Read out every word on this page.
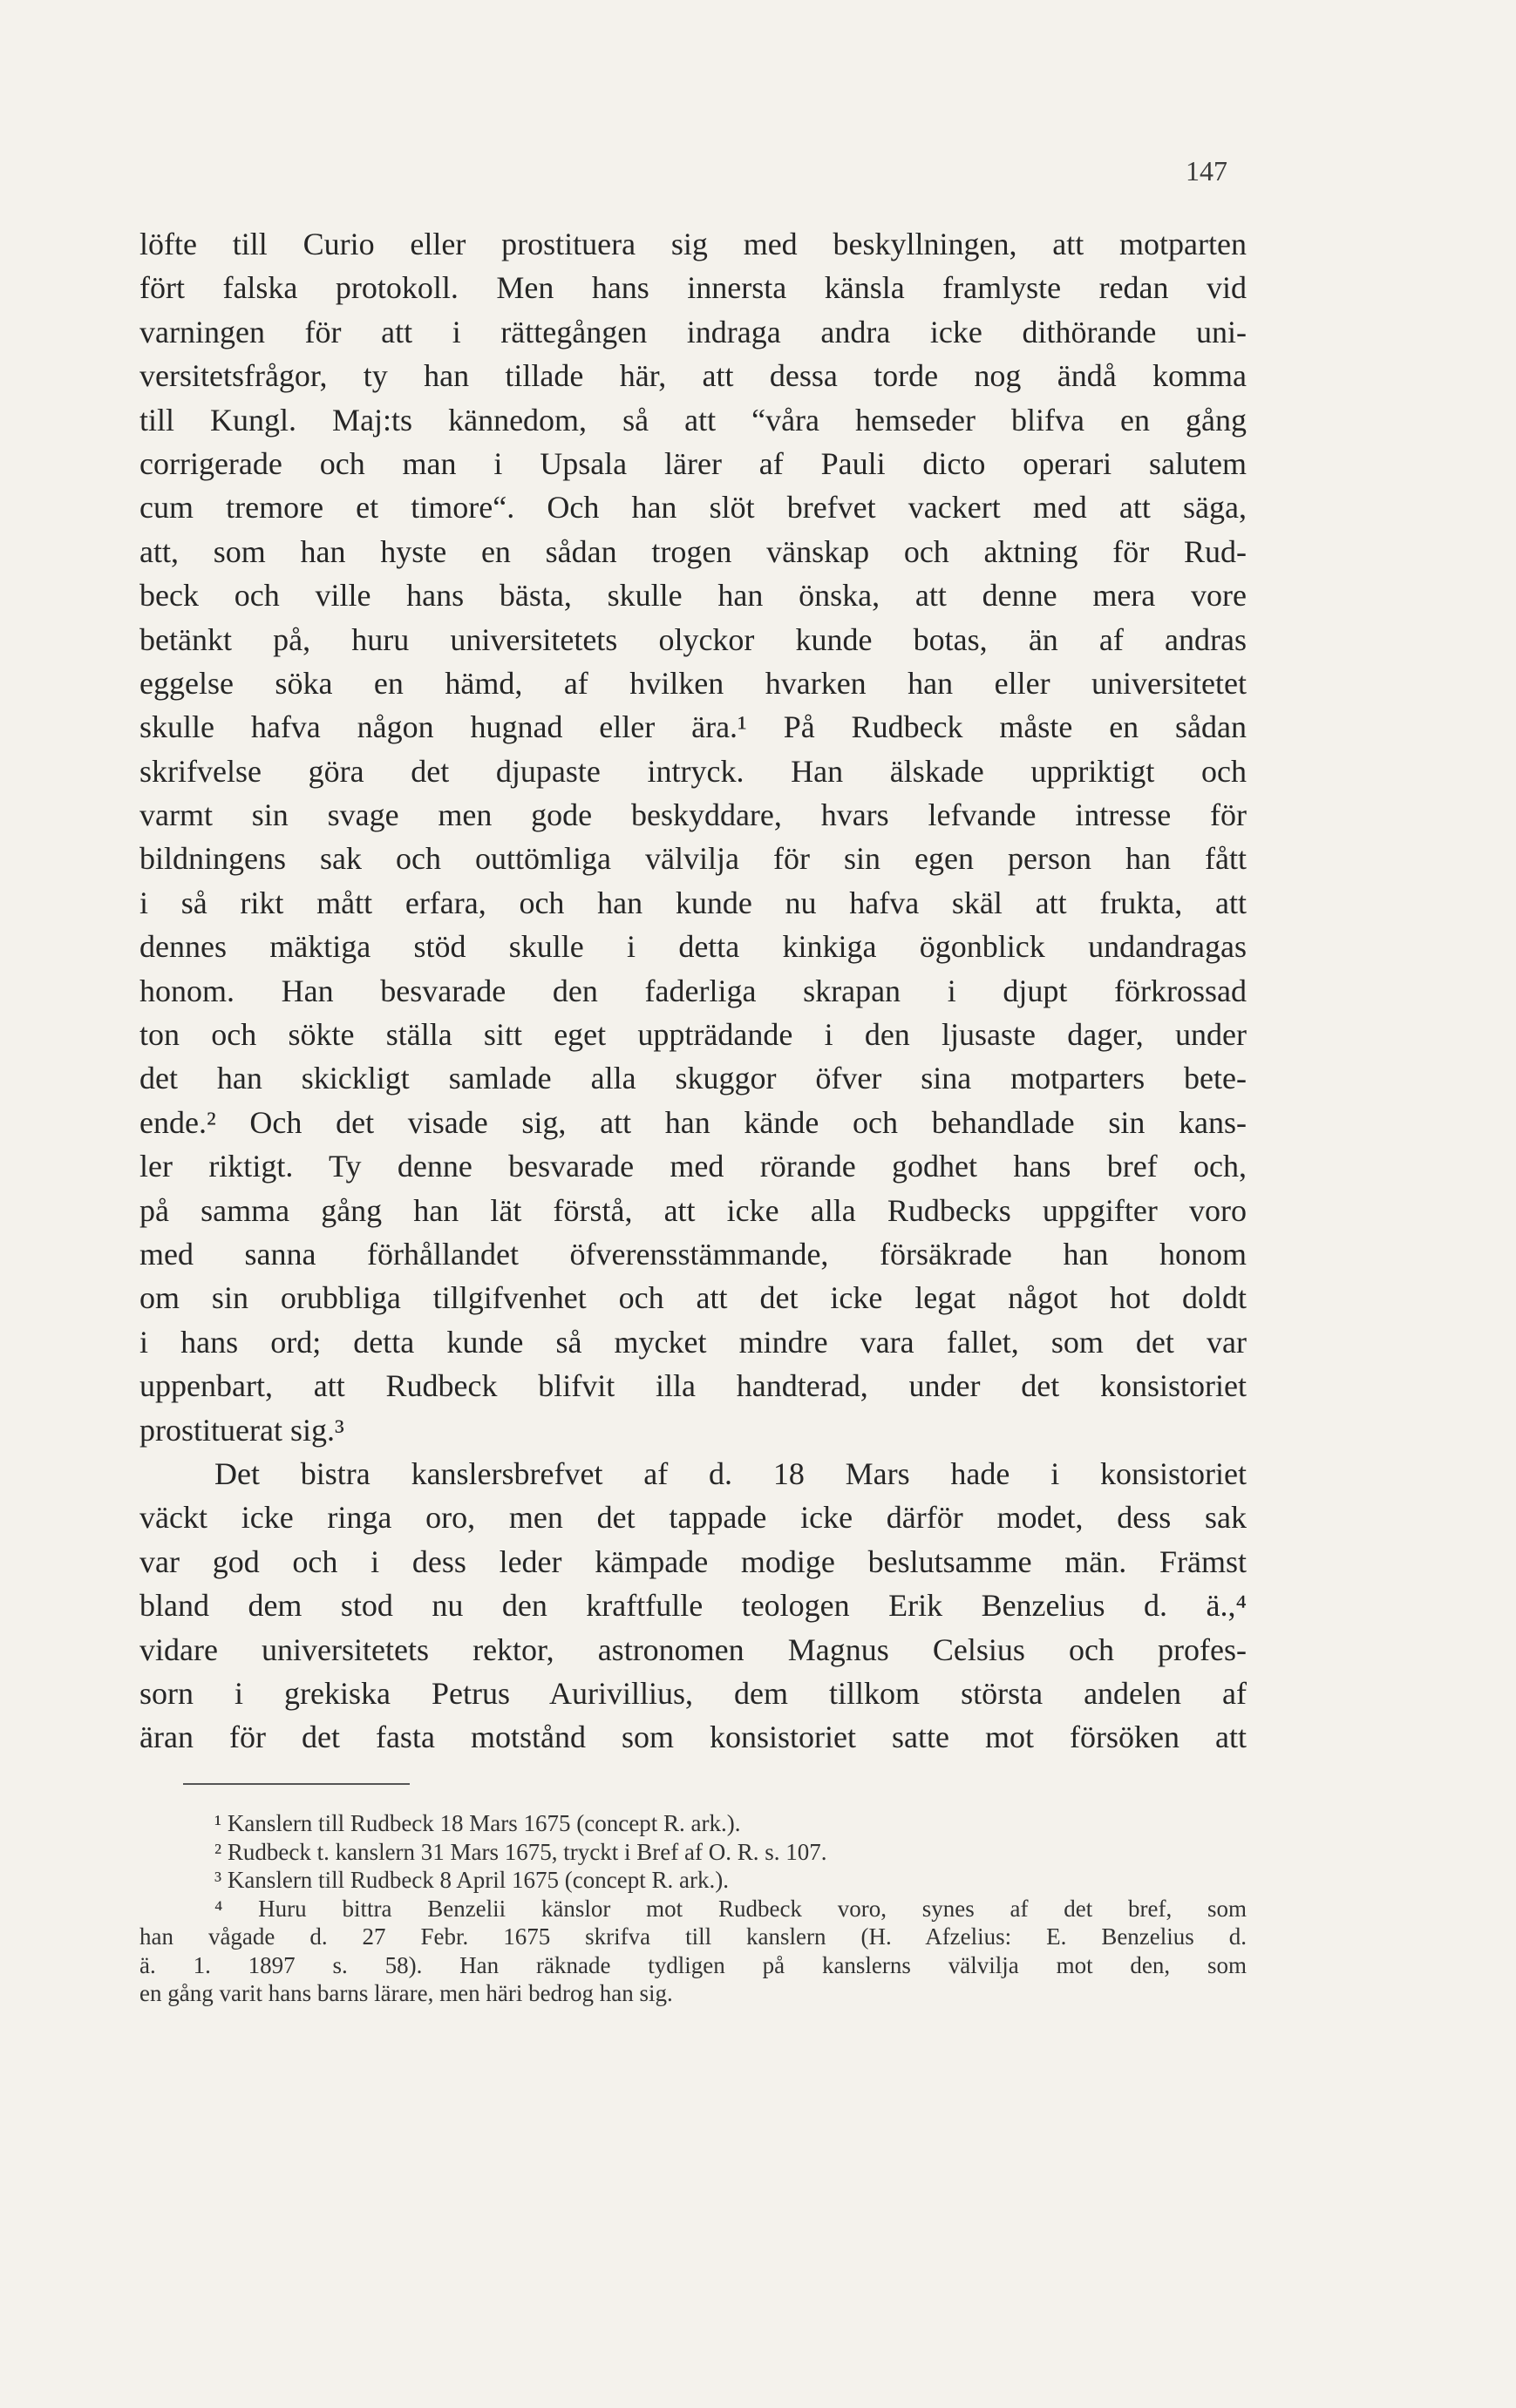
147
löfte till Curio eller prostituera sig med beskyllningen, att motparten
fört falska protokoll. Men hans innersta känsla framlyste redan vid
varningen för att i rättegången indraga andra icke dithörande uni-
versitetsfrågor, ty han tillade här, att dessa torde nog ändå komma
till Kungl. Maj:ts kännedom, så att “våra hemseder blifva en gång
corrigerade och man i Upsala lärer af Pauli dicto operari salutem
cum tremore et timore“. Och han slöt brefvet vackert med att säga,
att, som han hyste en sådan trogen vänskap och aktning för Rud-
beck och ville hans bästa, skulle han önska, att denne mera vore
betänkt på, huru universitetets olyckor kunde botas, än af andras
eggelse söka en hämd, af hvilken hvarken han eller universitetet
skulle hafva någon hugnad eller ära.¹ På Rudbeck måste en sådan
skrifvelse göra det djupaste intryck. Han älskade uppriktigt och
varmt sin svage men gode beskyddare, hvars lefvande intresse för
bildningens sak och outtömliga välvilja för sin egen person han fått
i så rikt mått erfara, och han kunde nu hafva skäl att frukta, att
dennes mäktiga stöd skulle i detta kinkiga ögonblick undandragas
honom. Han besvarade den faderliga skrapan i djupt förkrossad
ton och sökte ställa sitt eget uppträdande i den ljusaste dager, under
det han skickligt samlade alla skuggor öfver sina motparters bete-
ende.² Och det visade sig, att han kände och behandlade sin kans-
ler riktigt. Ty denne besvarade med rörande godhet hans bref och,
på samma gång han lät förstå, att icke alla Rudbecks uppgifter voro
med sanna förhållandet öfverensstämmande, försäkrade han honom
om sin orubbliga tillgifvenhet och att det icke legat något hot doldt
i hans ord; detta kunde så mycket mindre vara fallet, som det var
uppenbart, att Rudbeck blifvit illa handterad, under det konsistoriet
prostituerat sig.³
Det bistra kanslersbrefvet af d. 18 Mars hade i konsistoriet
väckt icke ringa oro, men det tappade icke därför modet, dess sak
var god och i dess leder kämpade modige beslutsamme män. Främst
bland dem stod nu den kraftfulle teologen Erik Benzelius d. ä.,⁴
vidare universitetets rektor, astronomen Magnus Celsius och profes-
sorn i grekiska Petrus Aurivillius, dem tillkom största andelen af
äran för det fasta motstånd som konsistoriet satte mot försöken att
¹ Kanslern till Rudbeck 18 Mars 1675 (concept R. ark.).
² Rudbeck t. kanslern 31 Mars 1675, tryckt i Bref af O. R. s. 107.
³ Kanslern till Rudbeck 8 April 1675 (concept R. ark.).
⁴ Huru bittra Benzelii känslor mot Rudbeck voro, synes af det bref, som
han vågade d. 27 Febr. 1675 skrifva till kanslern (H. Afzelius: E. Benzelius d.
ä. 1. 1897 s. 58). Han räknade tydligen på kanslerns välvilja mot den, som
en gång varit hans barns lärare, men häri bedrog han sig.
